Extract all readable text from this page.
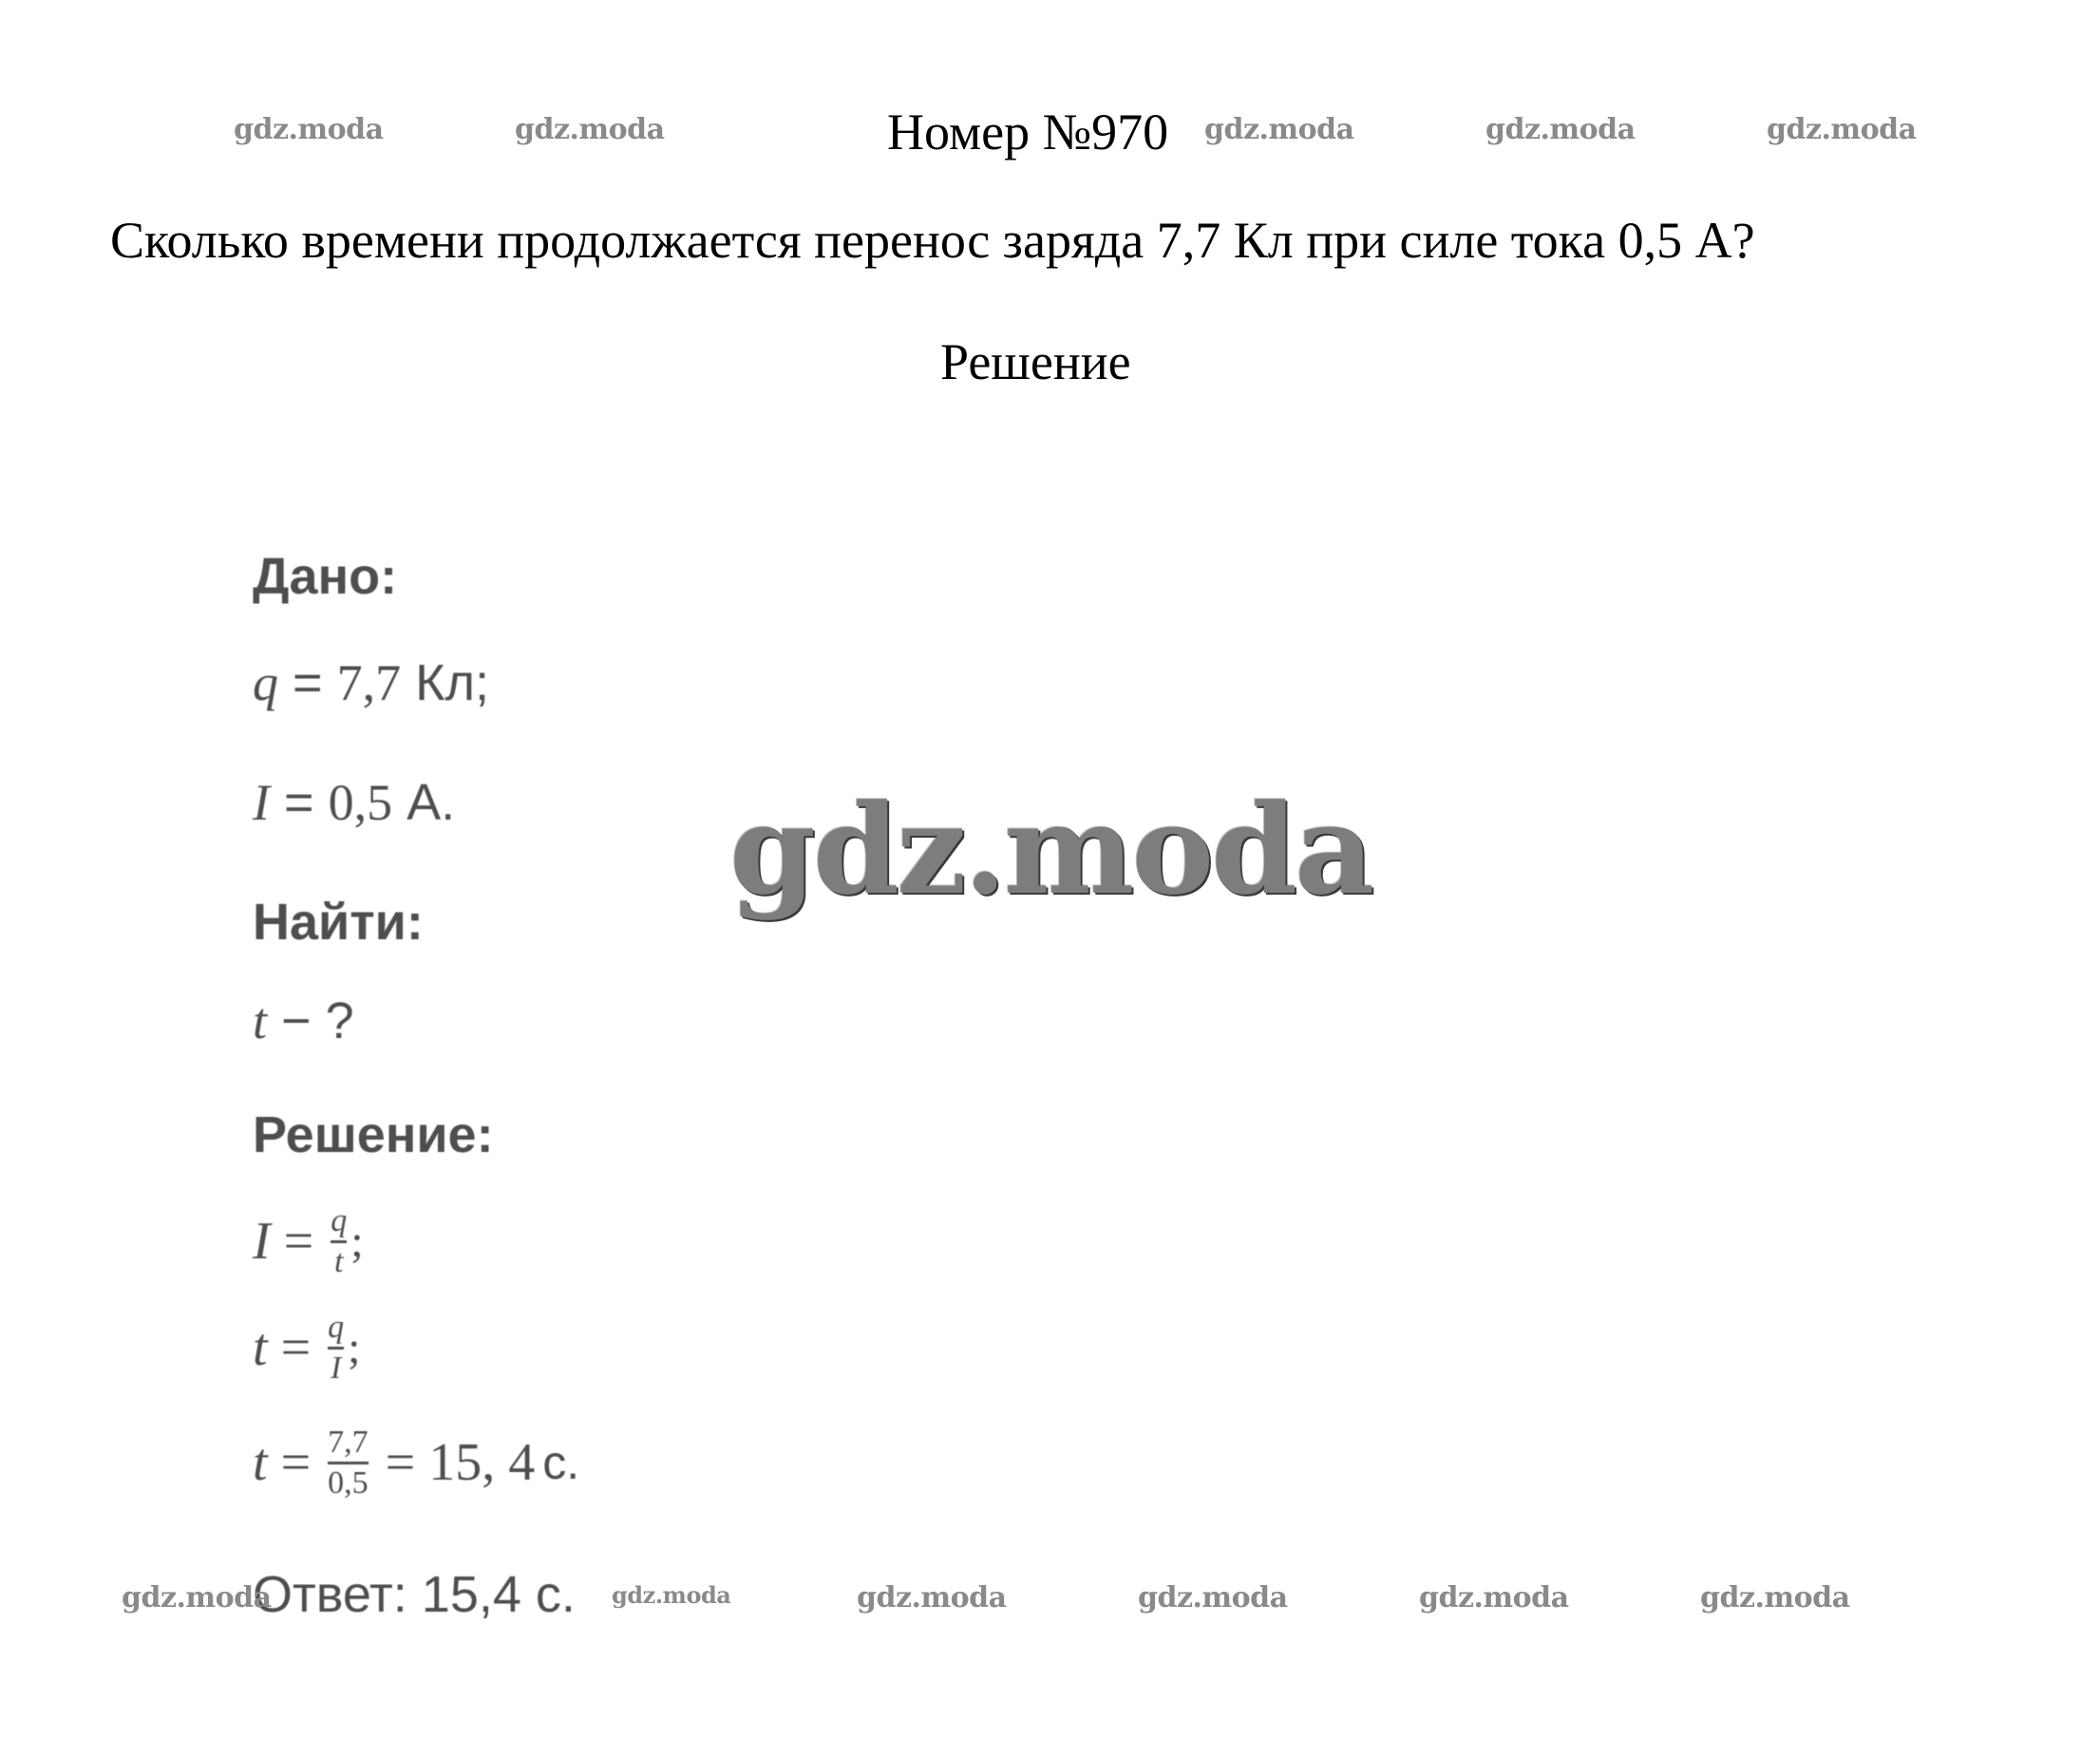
gdz.moda	gdz.moda	gdz.moda	gdz.moda	gdz.moda
Номер №970
Сколько времени продолжается перенос заряда 7,7 Кл при силе тока 0,5 А?
Решение
Дано:
q = 7,7 Кл;
I = 0,5 А.
Найти:
t − ?
Решение:
$I = \frac{q}{t}$ ;
$t = \frac{q}{I}$ ;
$t = \frac{7,7}{0,5} = 15$, 4 с.
Ответ: 15,4 с.
gdz.moda
gdz.moda	gdz.moda	gdz.moda	gdz.moda	gdz.moda	gdz.moda
